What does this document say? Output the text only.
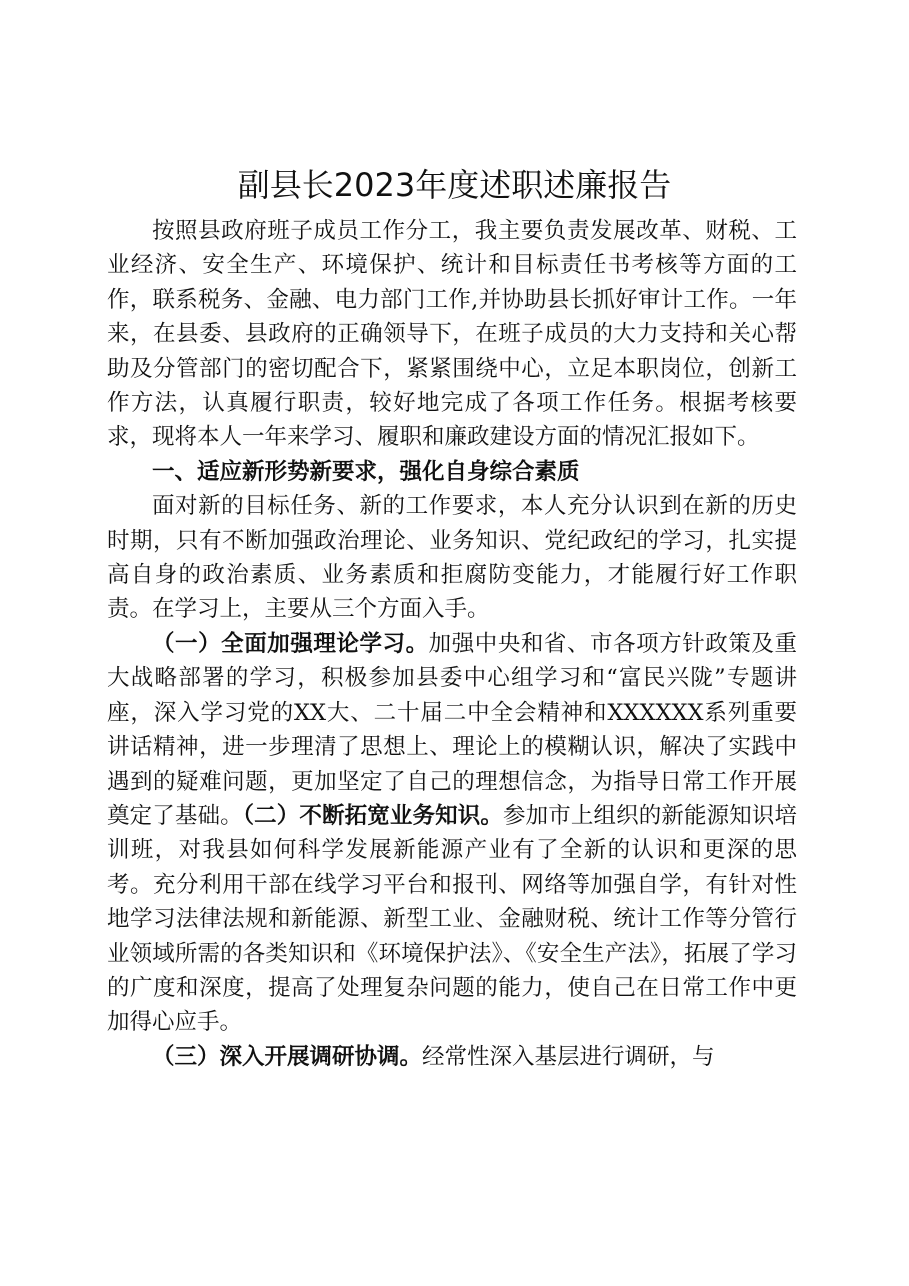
副县长2023年度述职述廉报告

按照县政府班子成员工作分工，我主要负责发展改革、财税、工业经济、安全生产、环境保护、统计和目标责任书考核等方面的工作，联系税务、金融、电力部门工作,并协助县长抓好审计工作。一年来，在县委、县政府的正确领导下，在班子成员的大力支持和关心帮助及分管部门的密切配合下，紧紧围绕中心，立足本职岗位，创新工作方法，认真履行职责，较好地完成了各项工作任务。根据考核要求，现将本人一年来学习、履职和廉政建设方面的情况汇报如下。

一、适应新形势新要求，强化自身综合素质

面对新的目标任务、新的工作要求，本人充分认识到在新的历史时期，只有不断加强政治理论、业务知识、党纪政纪的学习，扎实提高自身的政治素质、业务素质和拒腐防变能力，才能履行好工作职责。在学习上，主要从三个方面入手。

（一）全面加强理论学习。加强中央和省、市各项方针政策及重大战略部署的学习，积极参加县委中心组学习和“富民兴陇”专题讲座，深入学习党的XX大、二十届二中全会精神和XXXXXX系列重要讲话精神，进一步理清了思想上、理论上的模糊认识，解决了实践中遇到的疑难问题，更加坚定了自己的理想信念，为指导日常工作开展奠定了基础。（二）不断拓宽业务知识。参加市上组织的新能源知识培训班，对我县如何科学发展新能源产业有了全新的认识和更深的思考。充分利用干部在线学习平台和报刊、网络等加强自学，有针对性地学习法律法规和新能源、新型工业、金融财税、统计工作等分管行业领域所需的各类知识和《环境保护法》、《安全生产法》，拓展了学习的广度和深度，提高了处理复杂问题的能力，使自己在日常工作中更加得心应手。

（三）深入开展调研协调。经常性深入基层进行调研，与
